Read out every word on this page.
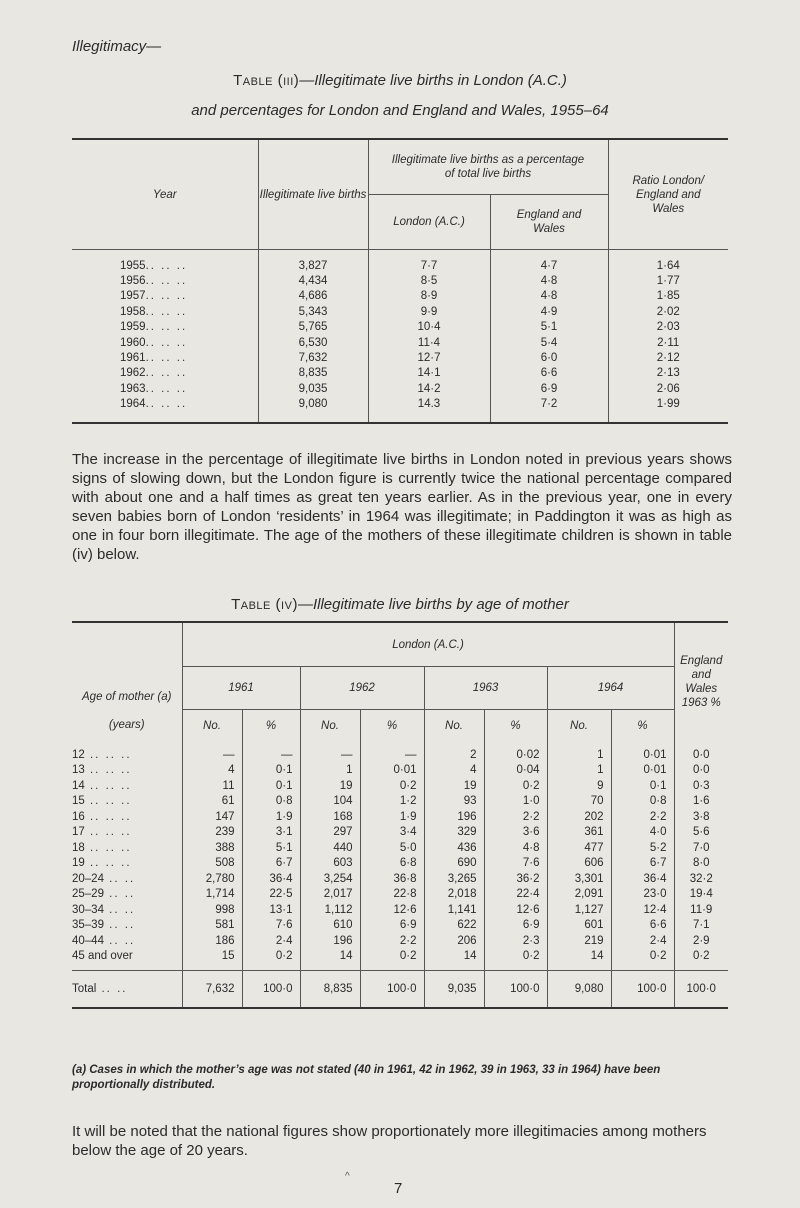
Illegitimacy—
Table (iii)—Illegitimate live births in London (A.C.)
and percentages for London and England and Wales, 1955–64

Year	Illegitimate live births	Illegitimate live births as a percentage of total live births		Ratio London/ England and Wales
		London (A.C.)	England and Wales	
1955.. .. ..	3,827	7·7	4·7	1·64
1956.. .. ..	4,434	8·5	4·8	1·77
1957.. .. ..	4,686	8·9	4·8	1·85
1958.. .. ..	5,343	9·9	4·9	2·02
1959.. .. ..	5,765	10·4	5·1	2·03
1960.. .. ..	6,530	11·4	5·4	2·11
1961.. .. ..	7,632	12·7	6·0	2·12
1962.. .. ..	8,835	14·1	6·6	2·13
1963.. .. ..	9,035	14·2	6·9	2·06
1964.. .. ..	9,080	14.3	7·2	1·99

The increase in the percentage of illegitimate live births in London noted in previous years shows signs of slowing down, but the London figure is currently twice the national percentage compared with about one and a half times as great ten years earlier. As in the previous year, one in every seven babies born of London ‘residents’ in 1964 was illegitimate; in Paddington it was as high as one in four born illegitimate. The age of the mothers of these illegitimate children is shown in table (iv) below.
Table (iv)—Illegitimate live births by age of mother

Age of mother (a)	London (A.C.)								England and Wales 1963 %
	1961		1962		1963		1964		
(years)	No.	%	No.	%	No.	%	No.	%	
12 .. .. ..	—	—	—	—	2	0·02	1	0·01	0·0
13 .. .. ..	4	0·1	1	0·01	4	0·04	1	0·01	0·0
14 .. .. ..	11	0·1	19	0·2	19	0·2	9	0·1	0·3
15 .. .. ..	61	0·8	104	1·2	93	1·0	70	0·8	1·6
16 .. .. ..	147	1·9	168	1·9	196	2·2	202	2·2	3·8
17 .. .. ..	239	3·1	297	3·4	329	3·6	361	4·0	5·6
18 .. .. ..	388	5·1	440	5·0	436	4·8	477	5·2	7·0
19 .. .. ..	508	6·7	603	6·8	690	7·6	606	6·7	8·0
20–24 .. ..	2,780	36·4	3,254	36·8	3,265	36·2	3,301	36·4	32·2
25–29 .. ..	1,714	22·5	2,017	22·8	2,018	22·4	2,091	23·0	19·4
30–34 .. ..	998	13·1	1,112	12·6	1,141	12·6	1,127	12·4	11·9
35–39 .. ..	581	7·6	610	6·9	622	6·9	601	6·6	7·1
40–44 .. ..	186	2·4	196	2·2	206	2·3	219	2·4	2·9
45 and over	15	0·2	14	0·2	14	0·2	14	0·2	0·2
Total .. ..	7,632	100·0	8,835	100·0	9,035	100·0	9,080	100·0	100·0

(a) Cases in which the mother’s age was not stated (40 in 1961, 42 in 1962, 39 in 1963, 33 in 1964) have been proportionally distributed.
It will be noted that the national figures show proportionately more illegitimacies among mothers below the age of 20 years.
^
7
